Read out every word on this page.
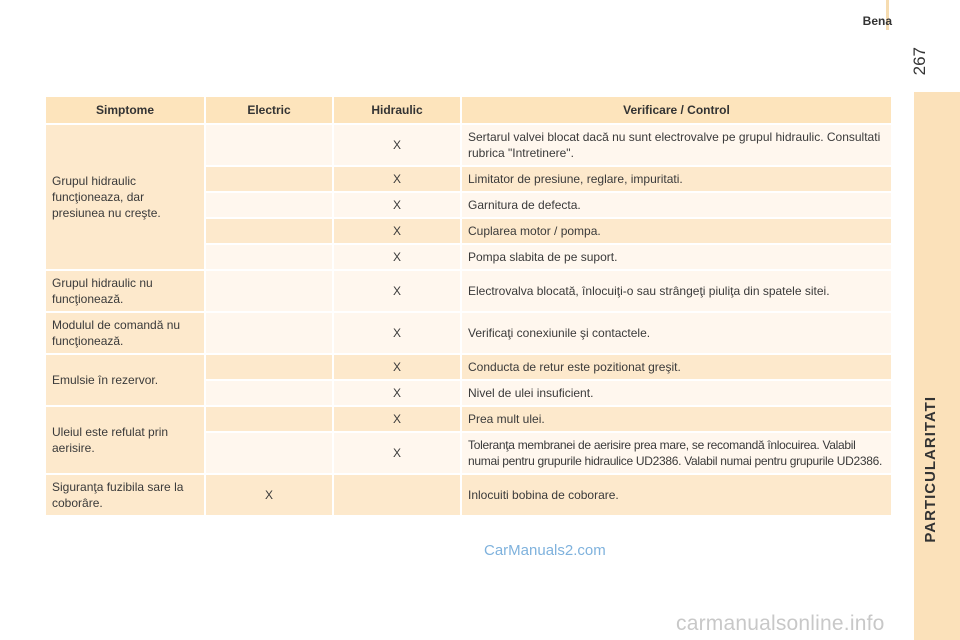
Bena
267
PARTICULARITATI
Simptome	Electric	Hidraulic	Verificare / Control
Grupul hidraulic funcţioneaza, dar presiunea nu creşte.		X	Sertarul valvei blocat dacă nu sunt electrovalve pe grupul hidraulic. Consultati rubrica "Intretinere".
		X	Limitator de presiune, reglare, impuritati.
		X	Garnitura de defecta.
		X	Cuplarea motor / pompa.
		X	Pompa slabita de pe suport.
Grupul hidraulic nu funcţionează.		X	Electrovalva blocată, înlocuiţi-o sau strângeţi piuliţa din spatele sitei.
Modulul de comandă nu funcţionează.		X	Verificaţi conexiunile şi contactele.
Emulsie în rezervor.		X	Conducta de retur este pozitionat greşit.
		X	Nivel de ulei insuficient.
Uleiul este refulat prin aerisire.		X	Prea mult ulei.
		X	Toleranţa membranei de aerisire prea mare, se recomandă înlocuirea. Valabil numai pentru grupurile hidraulice UD2386. Valabil numai pentru grupurile UD2386.
Siguranţa fuzibila sare la coborâre.	X		Inlocuiti bobina de coborare.
CarManuals2.com
carmanualsonline.info
